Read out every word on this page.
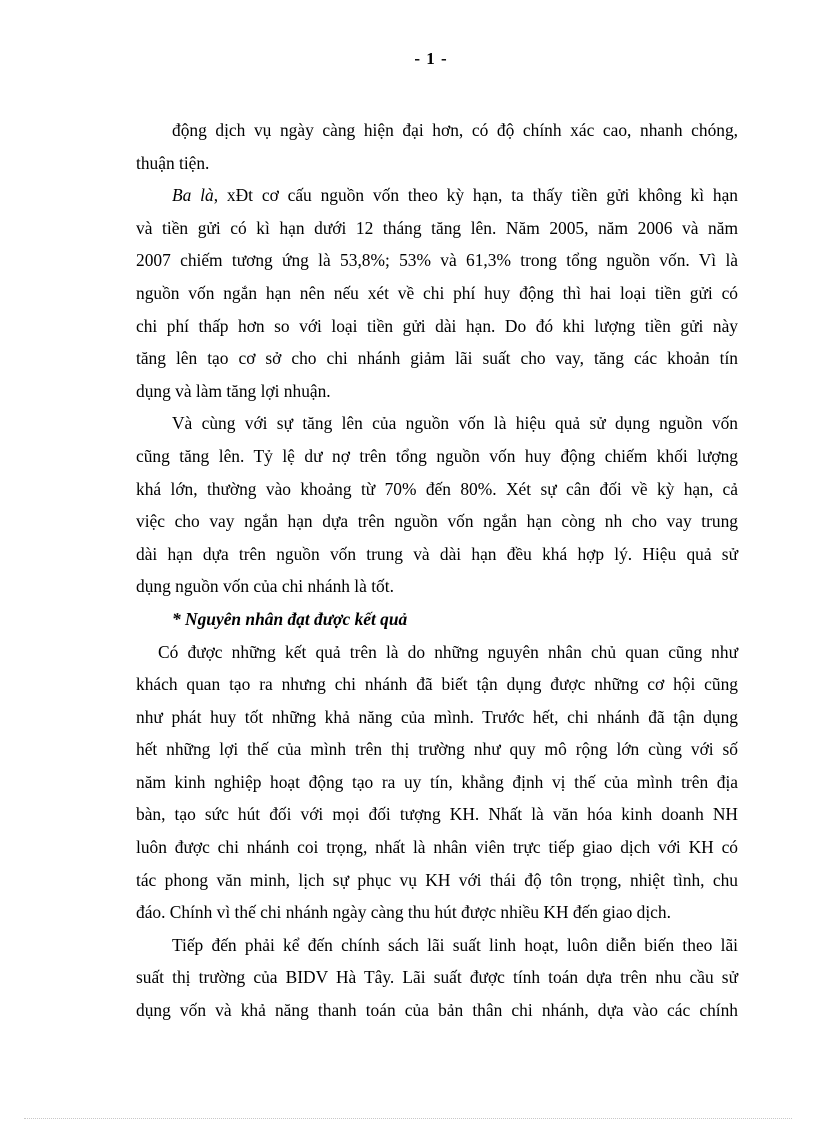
- 1 -
động dịch vụ ngày càng hiện đại hơn, có độ chính xác cao, nhanh chóng,
thuận tiện.
Ba là, xĐt cơ cấu nguồn vốn theo kỳ hạn, ta thấy tiền gửi không kì hạn
và tiền gửi có kì hạn dưới 12 tháng tăng lên. Năm 2005, năm 2006 và năm
2007 chiếm tương ứng là 53,8%; 53% và 61,3% trong tổng nguồn vốn. Vì là
nguồn vốn ngắn hạn nên nếu xét về chi phí huy động thì hai loại tiền gửi có
chi phí thấp hơn so với loại tiền gửi dài hạn. Do đó khi lượng tiền gửi này
tăng lên tạo cơ sở cho chi nhánh giảm lãi suất cho vay, tăng các khoản tín
dụng và làm tăng lợi nhuận.
Và cùng với sự tăng lên của nguồn vốn là hiệu quả sử dụng nguồn vốn
cũng tăng lên. Tỷ lệ dư nợ trên tổng nguồn vốn huy động chiếm khối lượng
khá lớn, thường vào khoảng từ 70% đến 80%. Xét sự cân đối về kỳ hạn, cả
việc cho vay ngắn hạn dựa trên nguồn vốn ngắn hạn còng nh cho vay trung
dài hạn dựa trên nguồn vốn trung và dài hạn đều khá hợp lý. Hiệu quả sử
dụng nguồn vốn của chi nhánh là tốt.
* Nguyên nhân đạt được kết quả
Có được những kết quả trên là do những nguyên nhân chủ quan cũng như
khách quan tạo ra nhưng chi nhánh đã biết tận dụng được những cơ hội cũng
như phát huy tốt những khả năng của mình. Trước hết, chi nhánh đã tận dụng
hết những lợi thế của mình trên thị trường như quy mô rộng lớn cùng với số
năm kinh nghiệp hoạt động tạo ra uy tín, khẳng định vị thế của mình trên địa
bàn, tạo sức hút đối với mọi đối tượng KH. Nhất là văn hóa kinh doanh NH
luôn được chi nhánh coi trọng, nhất là nhân viên trực tiếp giao dịch với KH có
tác phong văn minh, lịch sự phục vụ KH với thái độ tôn trọng, nhiệt tình, chu
đáo. Chính vì thế chi nhánh ngày càng thu hút được nhiều KH đến giao dịch.
Tiếp đến phải kể đến chính sách lãi suất linh hoạt, luôn diễn biến theo lãi
suất thị trường của BIDV Hà Tây. Lãi suất được tính toán dựa trên nhu cầu sử
dụng vốn và khả năng thanh toán của bản thân chi nhánh, dựa vào các chính
